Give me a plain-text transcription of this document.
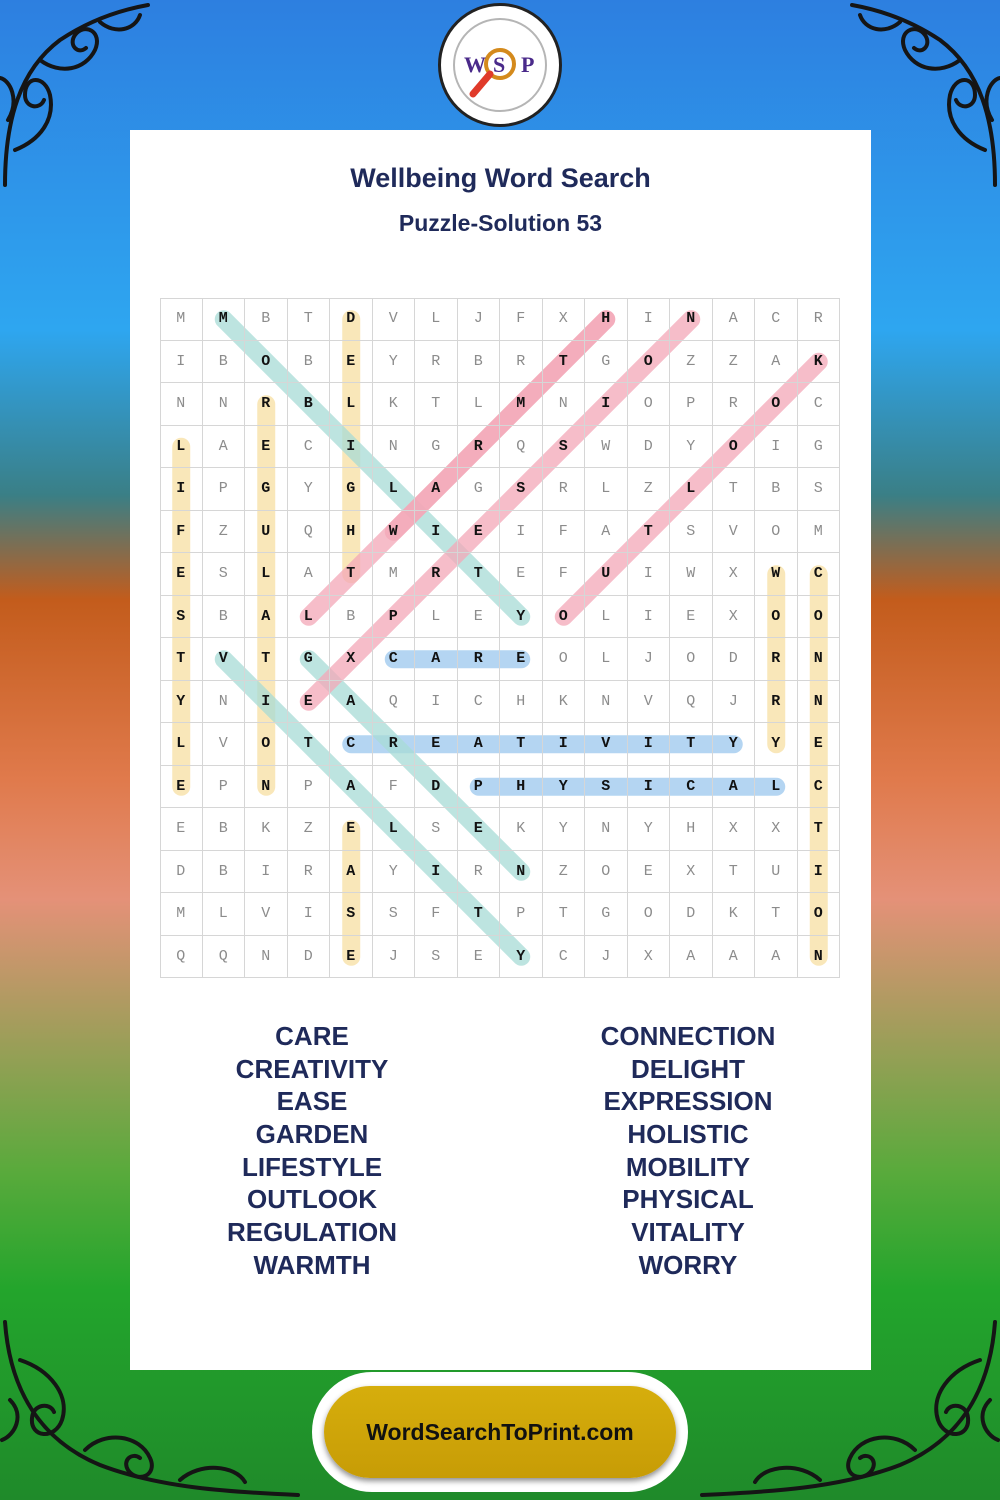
W S P
Wellbeing Word Search
Puzzle-Solution 53
M	M	B	T	D	V	L	J	F	X	H	I	N	A	C	R
I	B	O	B	E	Y	R	B	R	T	G	O	Z	Z	A	K
N	N	R	B	L	K	T	L	M	N	I	O	P	R	O	C
L	A	E	C	I	N	G	R	Q	S	W	D	Y	O	I	G
I	P	G	Y	G	L	A	G	S	R	L	Z	L	T	B	S
F	Z	U	Q	H	W	I	E	I	F	A	T	S	V	O	M
E	S	L	A	T	M	R	T	E	F	U	I	W	X	W	C
S	B	A	L	B	P	L	E	Y	O	L	I	E	X	O	O
T	V	T	G	X	C	A	R	E	O	L	J	O	D	R	N
Y	N	I	E	A	Q	I	C	H	K	N	V	Q	J	R	N
L	V	O	T	C	R	E	A	T	I	V	I	T	Y	Y	E
E	P	N	P	A	F	D	P	H	Y	S	I	C	A	L	C
E	B	K	Z	E	L	S	E	K	Y	N	Y	H	X	X	T
D	B	I	R	A	Y	I	R	N	Z	O	E	X	T	U	I
M	L	V	I	S	S	F	T	P	T	G	O	D	K	T	O
Q	Q	N	D	E	J	S	E	Y	C	J	X	A	A	A	N
CARE
CREATIVITY
EASE
GARDEN
LIFESTYLE
OUTLOOK
REGULATION
WARMTH
CONNECTION
DELIGHT
EXPRESSION
HOLISTIC
MOBILITY
PHYSICAL
VITALITY
WORRY
WordSearchToPrint.com
